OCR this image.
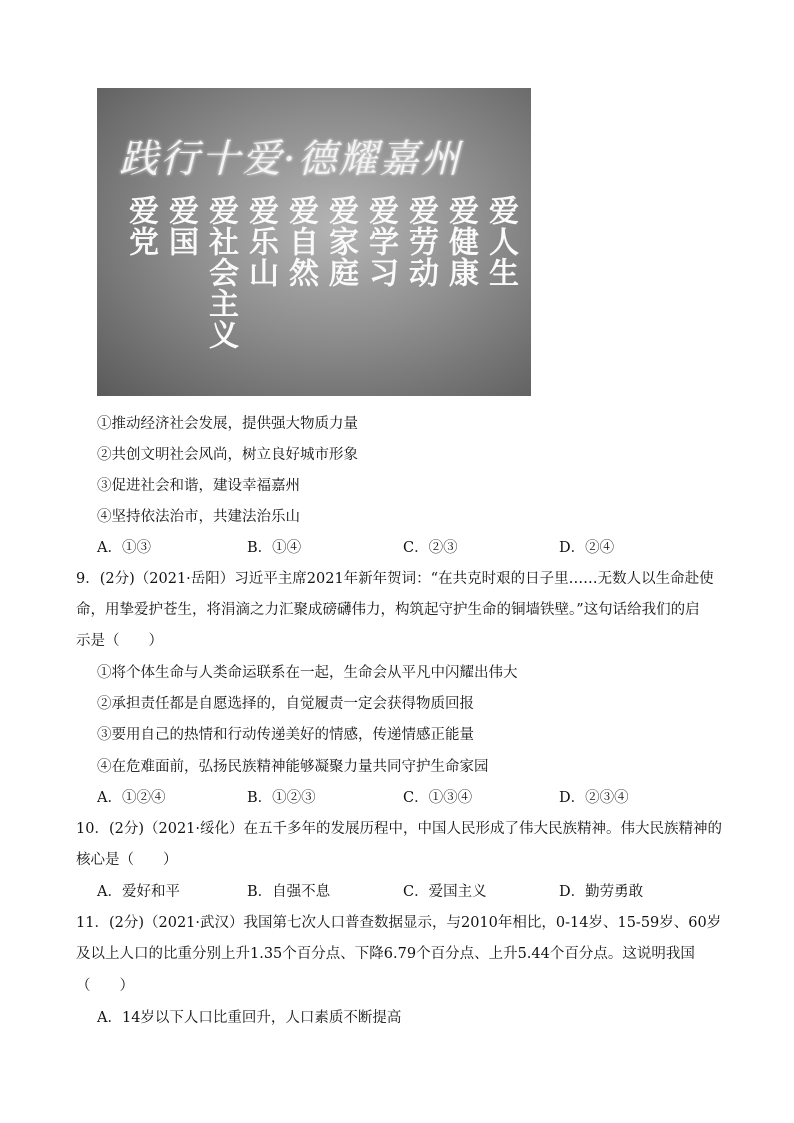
践行十爱·德耀嘉州
爱党 爱国 爱社会主义 爱乐山 爱自然 爱家庭 爱学习 爱劳动 爱健康 爱人生
①推动经济社会发展，提供强大物质力量
②共创文明社会风尚，树立良好城市形象
③促进社会和谐，建设幸福嘉州
④坚持依法治市，共建法治乐山
A．①③	B．①④	C．②③	D．②④
9．(2分)（2021·岳阳）习近平主席2021年新年贺词：“在共克时艰的日子里……无数人以生命赴使
命，用挚爱护苍生，将涓滴之力汇聚成磅礴伟力，构筑起守护生命的铜墙铁壁。”这句话给我们的启
示是（　　）
①将个体生命与人类命运联系在一起，生命会从平凡中闪耀出伟大
②承担责任都是自愿选择的，自觉履责一定会获得物质回报
③要用自己的热情和行动传递美好的情感，传递情感正能量
④在危难面前，弘扬民族精神能够凝聚力量共同守护生命家园
A．①②④	B．①②③	C．①③④	D．②③④
10．(2分)（2021·绥化）在五千多年的发展历程中，中国人民形成了伟大民族精神。伟大民族精神的
核心是（　　）
A．爱好和平	B．自强不息	C．爱国主义	D．勤劳勇敢
11．(2分)（2021·武汉）我国第七次人口普查数据显示，与2010年相比，0-14岁、15-59岁、60岁
及以上人口的比重分别上升1.35个百分点、下降6.79个百分点、上升5.44个百分点。这说明我国
（　　）
A．14岁以下人口比重回升，人口素质不断提高
